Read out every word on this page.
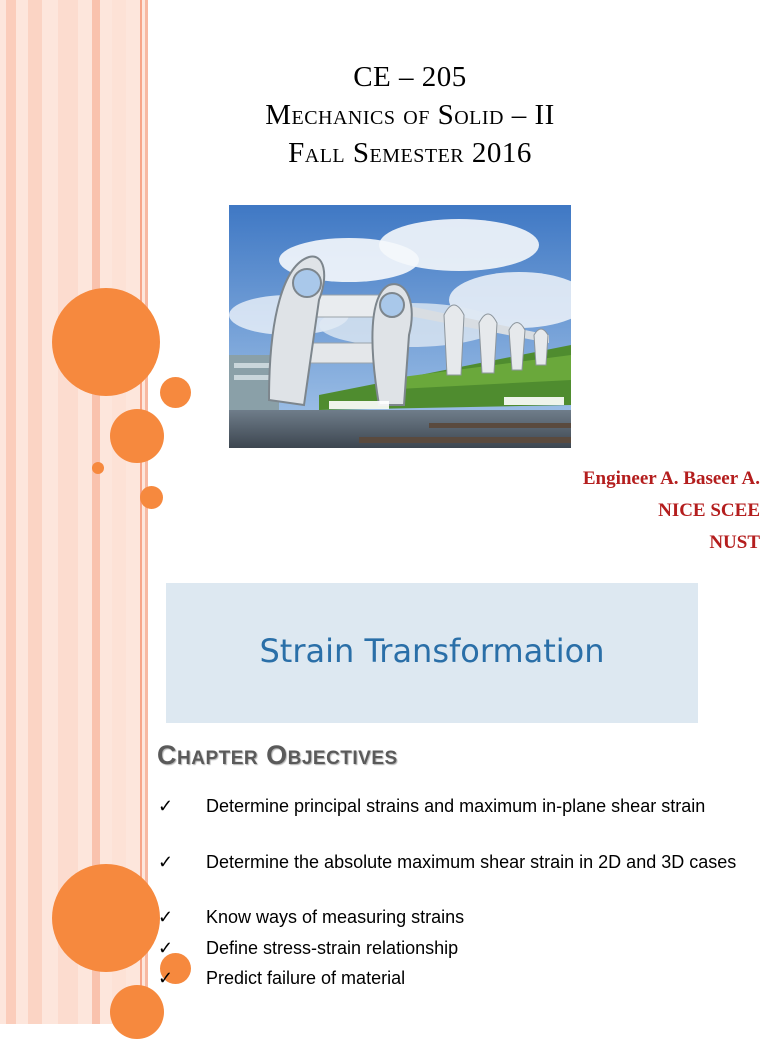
CE – 205
Mechanics of Solid – II
Fall Semester 2016
Engineer A. Baseer A.
NICE SCEE
NUST
Strain Transformation
Chapter Objectives
✓	Determine principal strains and maximum in-plane shear strain
✓	Determine the absolute maximum shear strain in 2D and 3D cases
✓	Know ways of measuring strains
✓	Define stress-strain relationship
✓	Predict failure of material
